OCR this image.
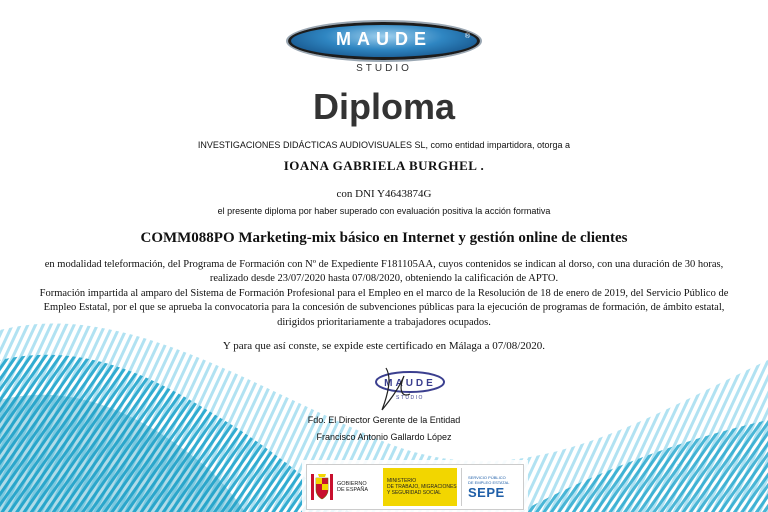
MAUDE	®
STUDIO
Diploma
INVESTIGACIONES DIDÁCTICAS AUDIOVISUALES SL, como entidad impartidora, otorga a
IOANA GABRIELA BURGHEL .
con DNI Y4643874G
el presente diploma por haber superado con evaluación positiva la acción formativa
COMM088PO Marketing-mix básico en Internet y gestión online de clientes
en modalidad teleformación, del Programa de Formación con Nº de Expediente F181105AA, cuyos contenidos se indican al dorso, con una duración de 30 horas,
realizado desde 23/07/2020 hasta 07/08/2020, obteniendo la calificación de APTO.
Formación impartida al amparo del Sistema de Formación Profesional para el Empleo en el marco de la Resolución de 18 de enero de 2019, del Servicio Público de
Empleo Estatal, por el que se aprueba la convocatoria para la concesión de subvenciones públicas para la ejecución de programas de formación, de ámbito estatal,
dirigidos prioritariamente a trabajadores ocupados.
Y para que así conste, se expide este certificado en Málaga a 07/08/2020.
MAUDE
STUDIO
Fdo. El Director Gerente de la Entidad
Francisco Antonio Gallardo López
GOBIERNO
DE ESPAÑA
MINISTERIO
DE TRABAJO, MIGRACIONES
Y SEGURIDAD SOCIAL
SERVICIO PÚBLICO
DE EMPLEO ESTATAL
SEPE
